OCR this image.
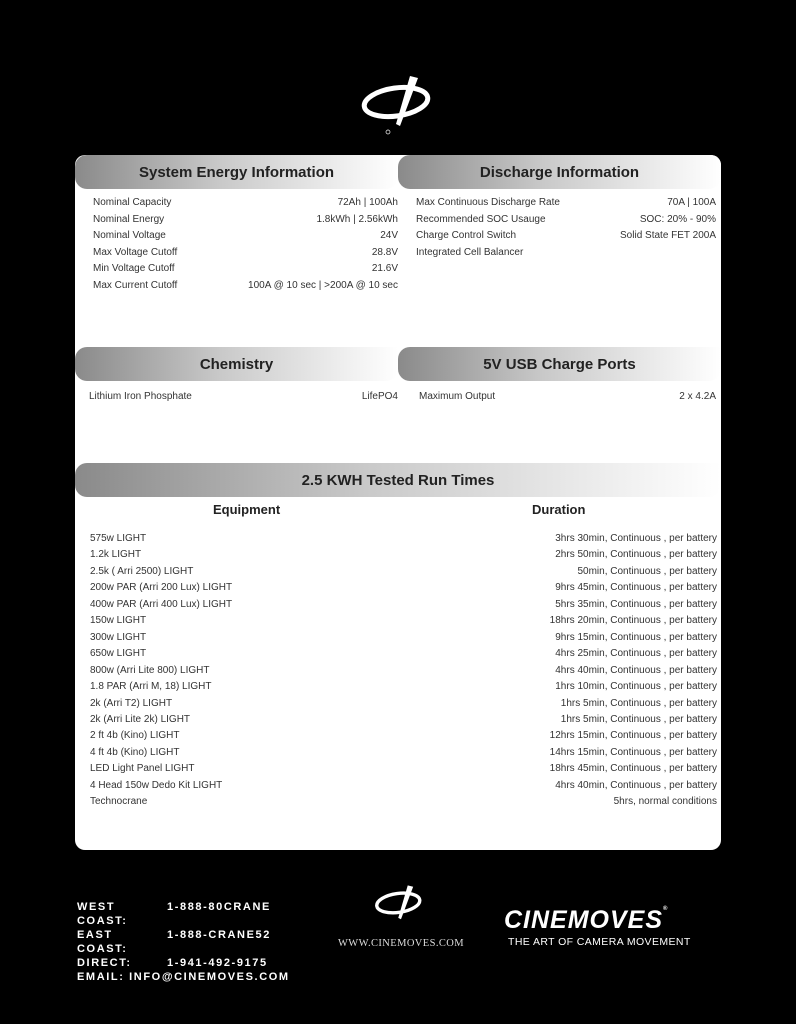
System Energy Information
Nominal Capacity	72Ah | 100Ah
Nominal Energy	1.8kWh | 2.56kWh
Nominal Voltage	24V
Max Voltage Cutoff	28.8V
Min Voltage Cutoff	21.6V
Max Current Cutoff	100A @ 10 sec | >200A @ 10 sec
Discharge Information
Max Continuous Discharge Rate	70A | 100A
Recommended SOC Usauge	SOC: 20% - 90%
Charge Control Switch	Solid State FET 200A
Integrated Cell Balancer
Chemistry
Lithium Iron Phosphate	LifePO4
5V USB Charge Ports
Maximum Output	2 x 4.2A
2.5 KWH Tested Run Times
Equipment	Duration
575w LIGHT	3hrs 30min, Continuous , per battery
1.2k LIGHT	2hrs 50min, Continuous , per battery
2.5k ( Arri 2500) LIGHT	50min, Continuous , per battery
200w PAR (Arri 200 Lux) LIGHT	9hrs 45min, Continuous , per battery
400w PAR (Arri 400 Lux) LIGHT	5hrs 35min, Continuous , per battery
150w LIGHT	18hrs 20min, Continuous , per battery
300w LIGHT	9hrs 15min, Continuous , per battery
650w LIGHT	4hrs 25min, Continuous , per battery
800w (Arri Lite 800) LIGHT	4hrs 40min, Continuous , per battery
1.8 PAR (Arri M, 18) LIGHT	1hrs 10min, Continuous , per battery
2k (Arri T2) LIGHT	1hrs 5min, Continuous , per battery
2k (Arri Lite 2k) LIGHT	1hrs 5min, Continuous , per battery
2 ft 4b (Kino) LIGHT	12hrs 15min, Continuous , per battery
4 ft 4b (Kino) LIGHT	14hrs 15min, Continuous , per battery
LED Light Panel LIGHT	18hrs 45min, Continuous , per battery
4 Head 150w Dedo Kit LIGHT	4hrs 40min, Continuous , per battery
Technocrane	5hrs, normal conditions
WEST COAST:
1-888-80CRANE
EAST COAST:
1-888-CRANE52
DIRECT:	1-941-492-9175
EMAIL:
INFO@CINEMOVES.COM
WWW.CINEMOVES.COM
CINEMOVES®
THE ART OF CAMERA MOVEMENT
